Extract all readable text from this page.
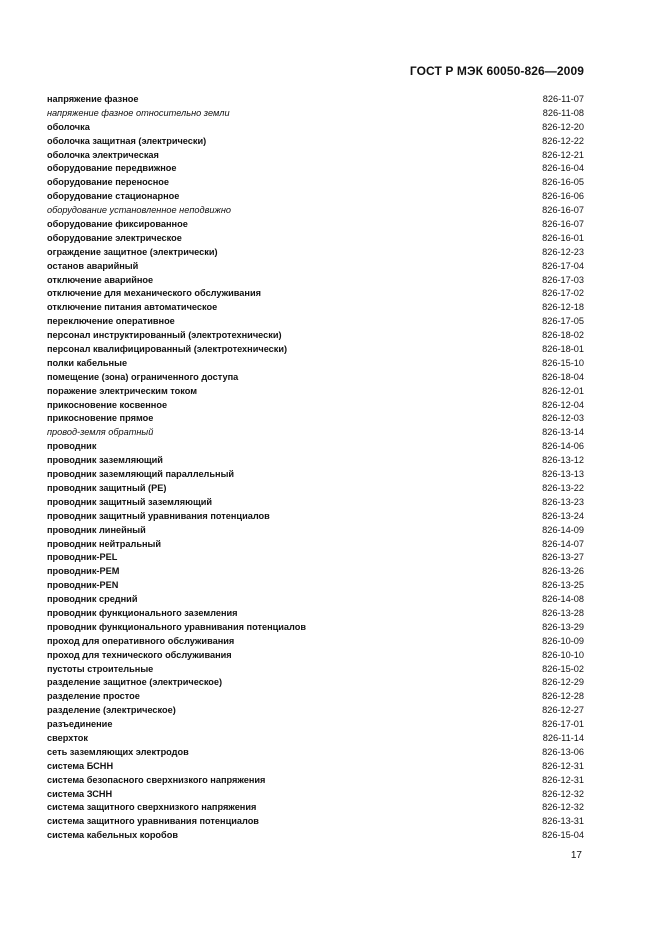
ГОСТ Р МЭК 60050-826—2009
напряжение фазное	826-11-07
напряжение фазное относительно земли	826-11-08
оболочка	826-12-20
оболочка защитная (электрически)	826-12-22
оболочка электрическая	826-12-21
оборудование передвижное	826-16-04
оборудование переносное	826-16-05
оборудование стационарное	826-16-06
оборудование установленное неподвижно	826-16-07
оборудование фиксированное	826-16-07
оборудование электрическое	826-16-01
ограждение защитное (электрически)	826-12-23
останов аварийный	826-17-04
отключение аварийное	826-17-03
отключение для механического обслуживания	826-17-02
отключение питания автоматическое	826-12-18
переключение оперативное	826-17-05
персонал инструктированный (электротехнически)	826-18-02
персонал квалифицированный (электротехнически)	826-18-01
полки кабельные	826-15-10
помещение (зона) ограниченного доступа	826-18-04
поражение электрическим током	826-12-01
прикосновение косвенное	826-12-04
прикосновение прямое	826-12-03
провод-земля обратный	826-13-14
проводник	826-14-06
проводник заземляющий	826-13-12
проводник заземляющий параллельный	826-13-13
проводник защитный (PE)	826-13-22
проводник защитный заземляющий	826-13-23
проводник защитный уравнивания потенциалов	826-13-24
проводник линейный	826-14-09
проводник нейтральный	826-14-07
проводник-PEL	826-13-27
проводник-PEM	826-13-26
проводник-PEN	826-13-25
проводник средний	826-14-08
проводник функционального заземления	826-13-28
проводник функционального уравнивания потенциалов	826-13-29
проход для оперативного обслуживания	826-10-09
проход для технического обслуживания	826-10-10
пустоты строительные	826-15-02
разделение защитное (электрическое)	826-12-29
разделение простое	826-12-28
разделение (электрическое)	826-12-27
разъединение	826-17-01
сверхток	826-11-14
сеть заземляющих электродов	826-13-06
система БСНН	826-12-31
система безопасного сверхнизкого напряжения	826-12-31
система ЗСНН	826-12-32
система защитного сверхнизкого напряжения	826-12-32
система защитного уравнивания потенциалов	826-13-31
система кабельных коробов	826-15-04
17
